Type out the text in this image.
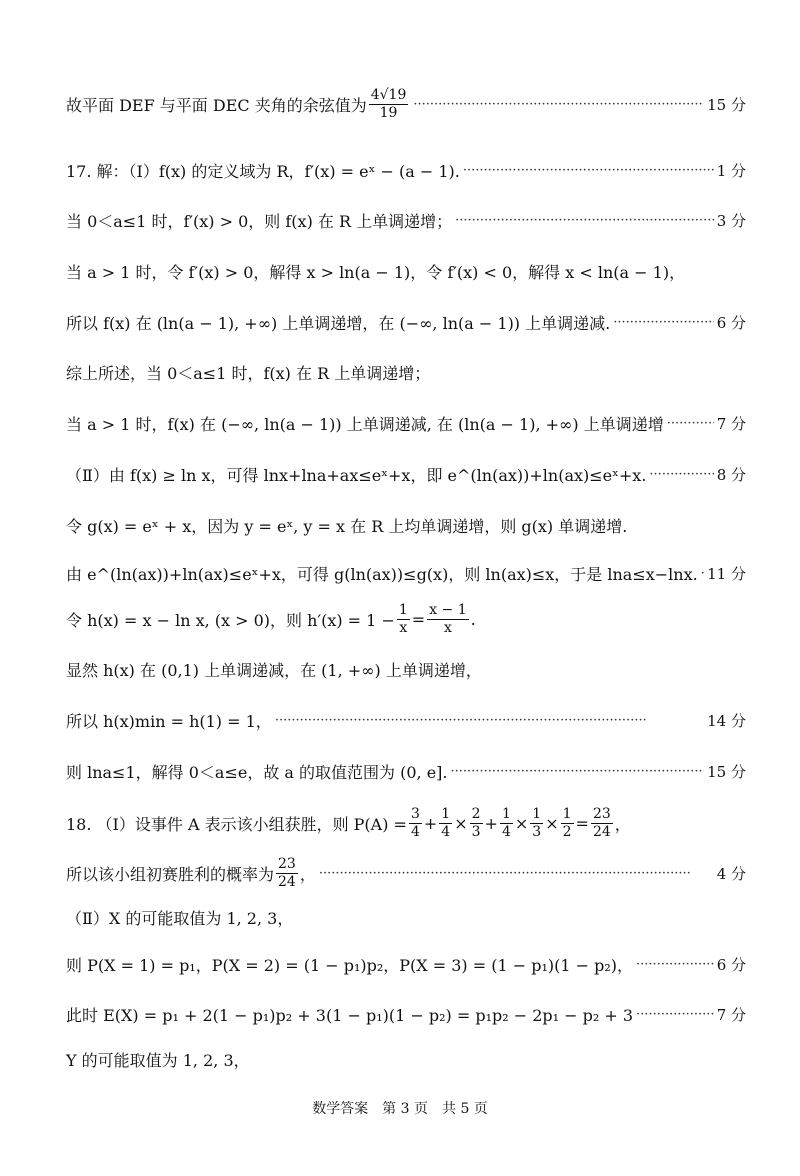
故平面 DEF 与平面 DEC 夹角的余弦值为 $\frac{4√19}{19}$ ·····	15 分
17. 解：（Ⅰ）f(x) 的定义域为 R，f′(x) = eˣ − (a − 1). ·····	1 分
当 0＜a≤1 时，f′(x) > 0，则 f(x) 在 R 上单调递增； ·····	3 分
当 a > 1 时，令 f′(x) > 0，解得 x > ln(a − 1)，令 f′(x) < 0，解得 x < ln(a − 1)，
所以 f(x) 在 (ln(a − 1), +∞) 上单调递增，在 (−∞, ln(a − 1)) 上单调递减. ·····	6 分
综上所述，当 0＜a≤1 时，f(x) 在 R 上单调递增；
当 a > 1 时，f(x) 在 (−∞, ln(a − 1)) 上单调递减, 在 (ln(a − 1), +∞) 上单调递增 ·····	7 分
（Ⅱ）由 f(x) ≥ ln x，可得 lnx+lna+ax≤eˣ+x，即 e^(ln(ax))+ln(ax)≤eˣ+x. ·····	8 分
令 g(x) = eˣ + x，因为 y = eˣ, y = x 在 R 上均单调递增，则 g(x) 单调递增.
由 e^(ln(ax))+ln(ax)≤eˣ+x，可得 g(ln(ax))≤g(x)，则 ln(ax)≤x，于是 lna≤x−lnx. ····· 11 分
令 h(x) = x − ln x, (x > 0)，则 $h'(x) = 1 - \frac{1}{x} = \frac{x - 1}{x}$ .
显然 h(x) 在 (0,1) 上单调递减，在 (1, +∞) 上单调递增，
所以 h(x)min = h(1) = 1， ·····	14 分
则 lna≤1，解得 0＜a≤e，故 a 的取值范围为 (0, e]. ·····	15 分
18. （Ⅰ）设事件 A 表示该小组获胜，则 $P(A) = \frac{3}{4} + \frac{1}{4} \times \frac{2}{3} + \frac{1}{4} \times \frac{1}{3} \times \frac{1}{2} = \frac{23}{24}$ ，
所以该小组初赛胜利的概率为 $\frac{23}{24}$ ， ·····	4 分
（Ⅱ）X 的可能取值为 1, 2, 3，
则 P(X = 1) = p₁，P(X = 2) = (1 − p₁)p₂，P(X = 3) = (1 − p₁)(1 − p₂)， ·····	6 分
此时 E(X) = p₁ + 2(1 − p₁)p₂ + 3(1 − p₁)(1 − p₂) = p₁p₂ − 2p₁ − p₂ + 3 ·····	7 分
Y 的可能取值为 1, 2, 3，
数学答案　第 3 页　共 5 页
